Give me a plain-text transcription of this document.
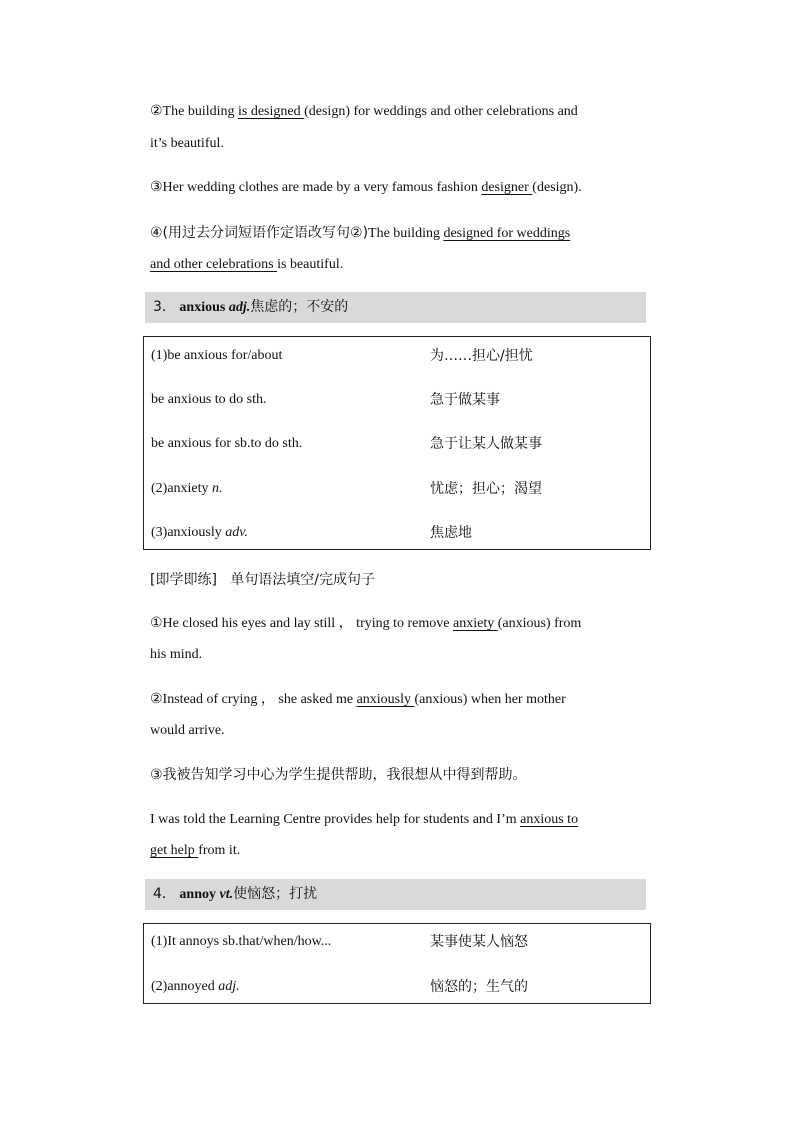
②The building is designed (design) for weddings and other celebrations and
it’s beautiful.
③Her wedding clothes are made by a very famous fashion designer (design).
④(用过去分词短语作定语改写句②)The building designed for weddings
and other celebrations is beautiful.
3． anxious adj.焦虑的；不安的
(1)be anxious for/about	为……担心/担忧
be anxious to do sth.	急于做某事
be anxious for sb.to do sth.	急于让某人做某事
(2)anxiety n.	忧虑；担心；渴望
(3)anxiously adv.	焦虑地
[即学即练] 单句语法填空/完成句子
①He closed his eyes and lay still ， trying to remove anxiety (anxious) from
his mind.
②Instead of crying ， she asked me anxiously (anxious) when her mother
would arrive.
③我被告知学习中心为学生提供帮助，我很想从中得到帮助。
I was told the Learning Centre provides help for students and I’m anxious to
get help from it.
4． annoy vt.使恼怒；打扰
(1)It annoys sb.that/when/how...	某事使某人恼怒
(2)annoyed adj.	恼怒的；生气的
